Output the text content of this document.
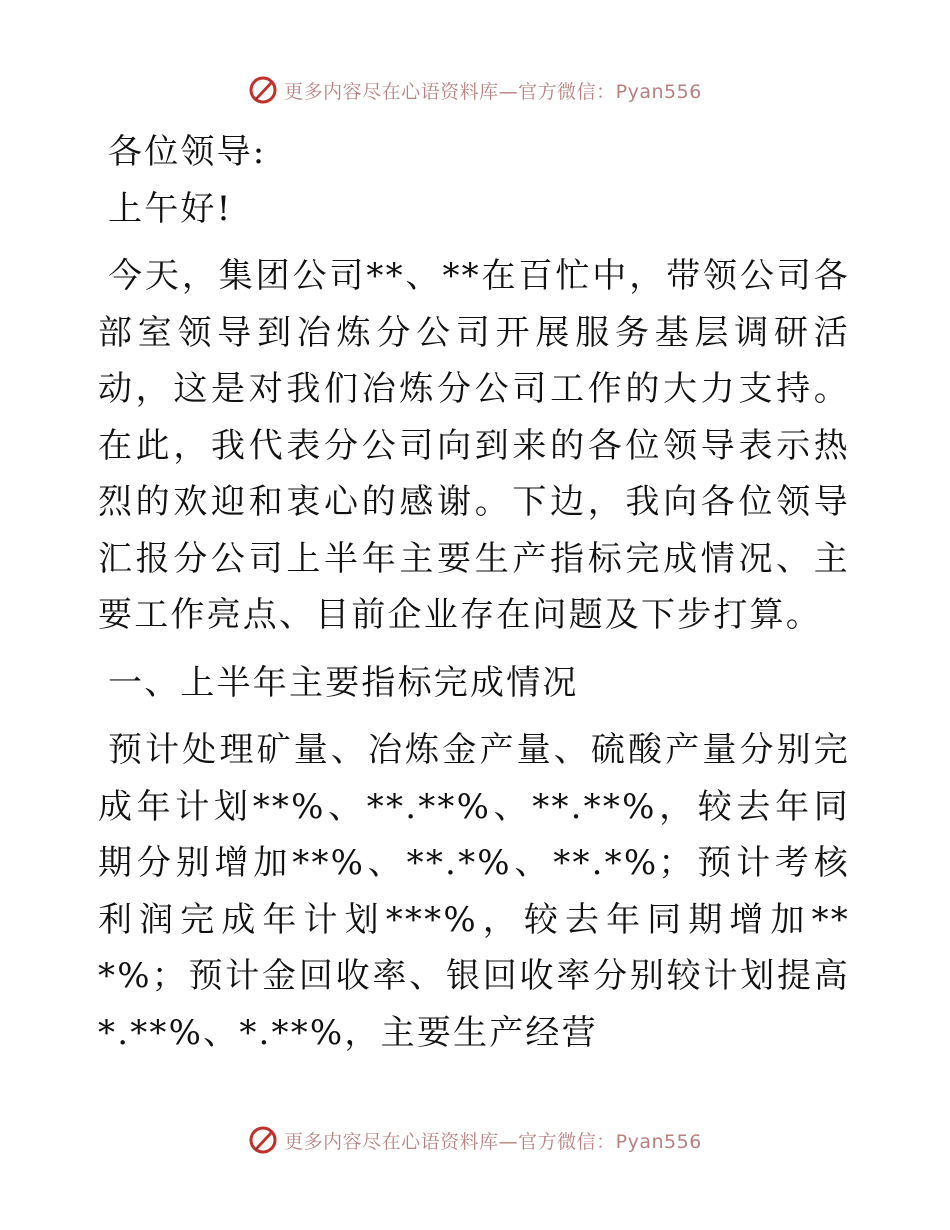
更多内容尽在心语资料库—官方微信：Pyan556

各位领导:

上午好!

今天，集团公司**、**在百忙中，带领公司各部室领导到冶炼分公司开展服务基层调研活动，这是对我们冶炼分公司工作的大力支持。在此，我代表分公司向到来的各位领导表示热烈的欢迎和衷心的感谢。下边，我向各位领导汇报分公司上半年主要生产指标完成情况、主要工作亮点、目前企业存在问题及下步打算。

一、上半年主要指标完成情况

预计处理矿量、冶炼金产量、硫酸产量分别完成年计划**%、**.**%、**.**%，较去年同期分别增加**%、**.*%、**.*%；预计考核利润完成年计划***%，较去年同期增加***%；预计金回收率、银回收率分别较计划提高*.**%、*.**%，主要生产经营

更多内容尽在心语资料库—官方微信：Pyan556
